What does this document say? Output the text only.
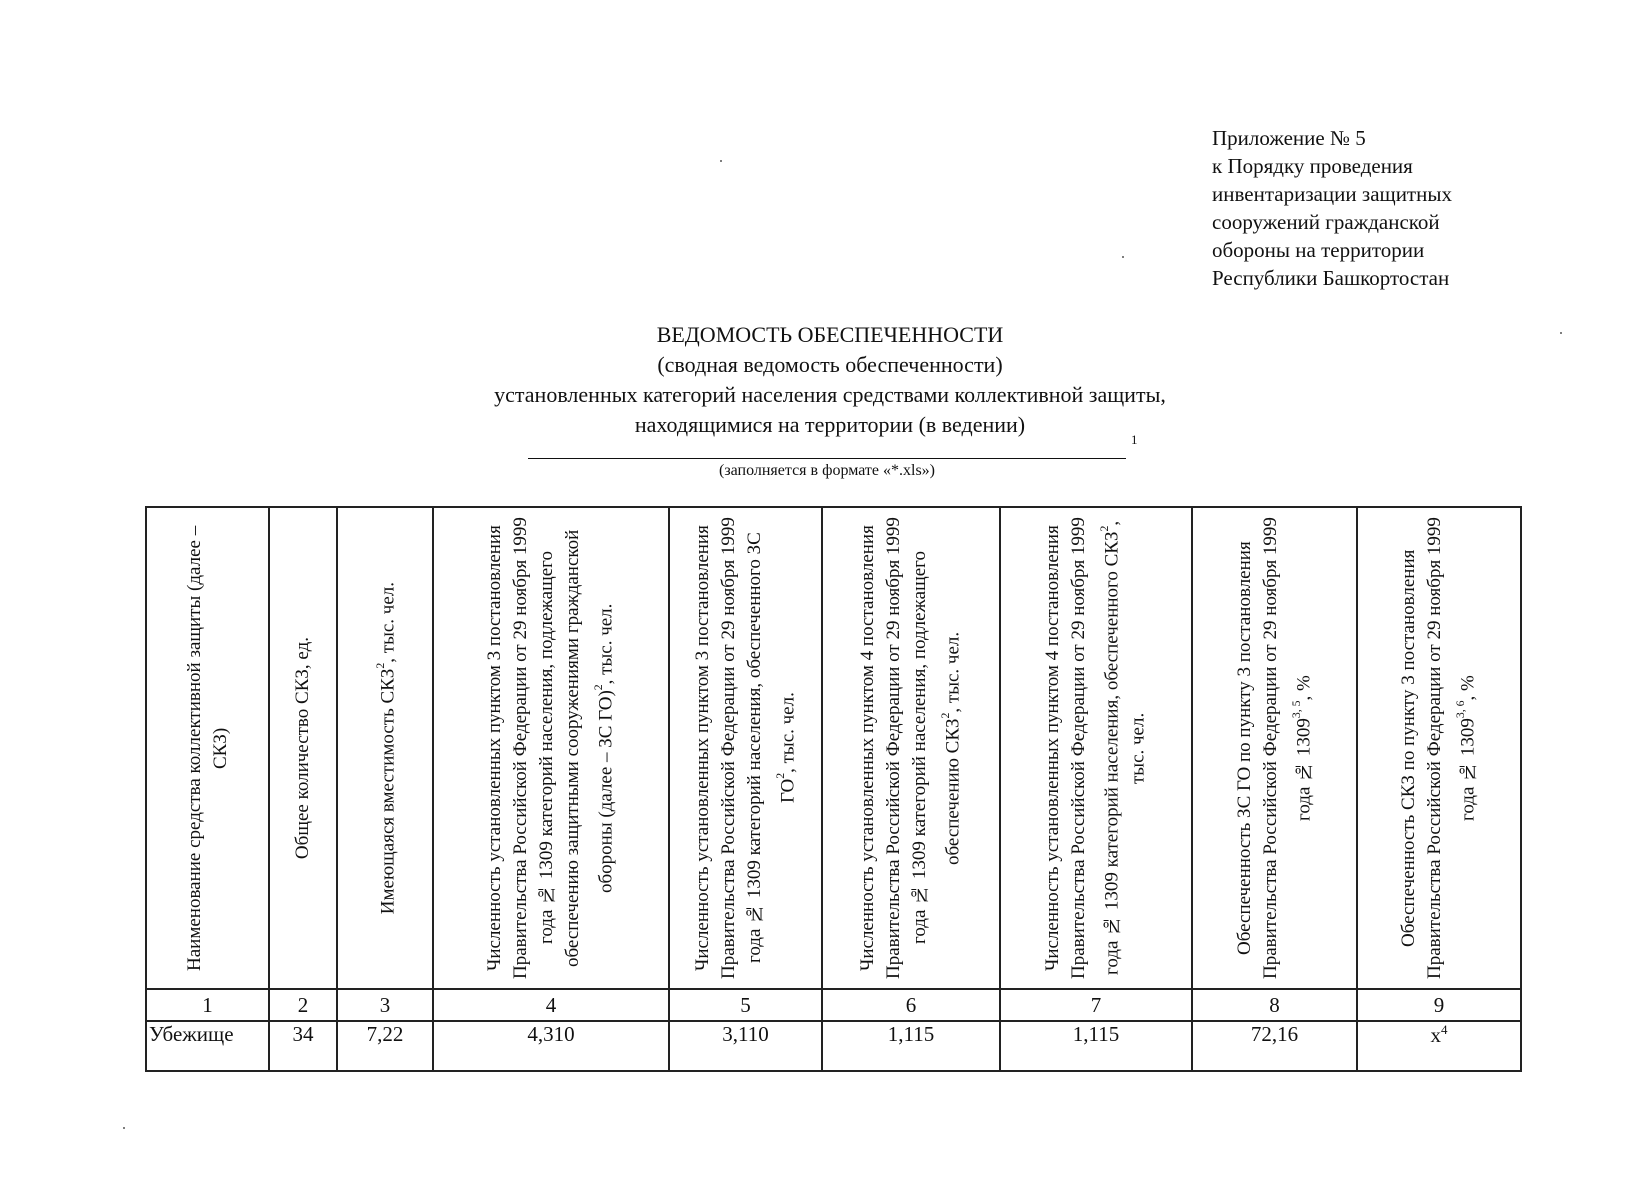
Приложение № 5
к Порядку проведения
инвентаризации защитных
сооружений гражданской
обороны на территории
Республики Башкортостан
ВЕДОМОСТЬ ОБЕСПЕЧЕННОСТИ
(сводная ведомость обеспеченности)
установленных категорий населения средствами коллективной защиты,
находящимися на территории (в ведении)
1
(заполняется в формате «*.xls»)
Наименование средства коллективной защиты (далее – СКЗ)	Общее количество СКЗ, ед.	Имеющаяся вместимость СКЗ$^2$, тыс. чел.	Численность установленных пунктом 3 постановления Правительства Российской Федерации от 29 ноября 1999 года № 1309 категорий населения, подлежащего обеспечению защитными сооружениями гражданской обороны (далее – ЗС ГО)$^2$, тыс. чел.	Численность установленных пунктом 3 постановления Правительства Российской Федерации от 29 ноября 1999 года № 1309 категорий населения, обеспеченного ЗС $ГО^2$, тыс. чел.	Численность установленных пунктом 4 постановления Правительства Российской Федерации от 29 ноября 1999 года № 1309 категорий населения, подлежащего обеспечению СКЗ$^2$, тыс. чел.	Численность установленных пунктом 4 постановления Правительства Российской Федерации от 29 ноября 1999 года № 1309 категорий населения, обеспеченного СКЗ$^2$, тыс. чел.	Обеспеченность ЗС ГО по пункту 3 постановления Правительства Российской Федерации от 29 ноября 1999 года № 1309$^{3, 5}$, %	Обеспеченность СКЗ по пункту 3 постановления Правительства Российской Федерации от 29 ноября 1999 года № 1309$^{3, 6}$, %

1	2	3	4	5	6	7	8	9
Убежище	34	7,22	4,310	3,110	1,115	1,115	72,16	$х^4$
